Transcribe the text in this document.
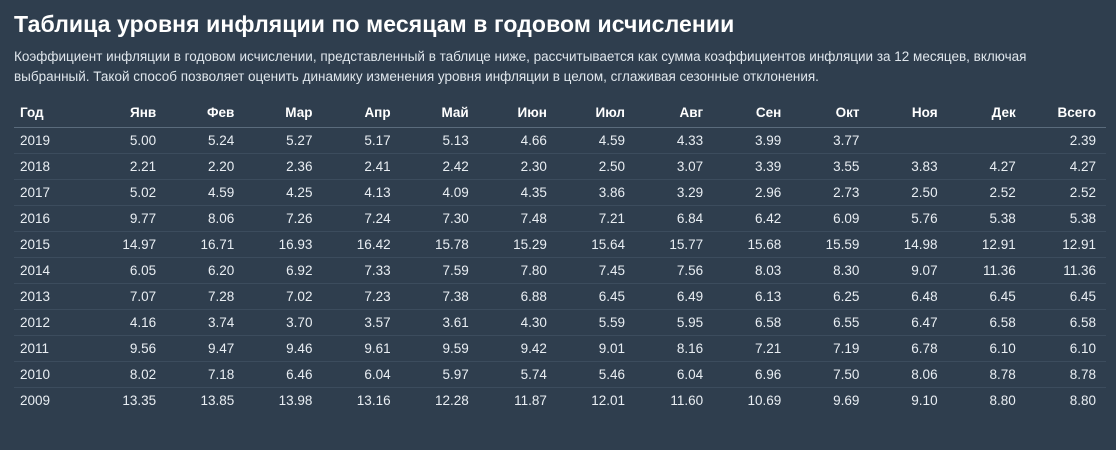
Таблица уровня инфляции по месяцам в годовом исчислении

Коэффициент инфляции в годовом исчислении, представленный в таблице ниже, рассчитывается как сумма коэффициентов инфляции за 12 месяцев, включая выбранный. Такой способ позволяет оценить динамику изменения уровня инфляции в целом, сглаживая сезонные отклонения.

Год	Янв	Фев	Мар	Апр	Май	Июн	Июл	Авг	Сен	Окт	Ноя	Дек	Всего
2019	5.00	5.24	5.27	5.17	5.13	4.66	4.59	4.33	3.99	3.77			2.39
2018	2.21	2.20	2.36	2.41	2.42	2.30	2.50	3.07	3.39	3.55	3.83	4.27	4.27
2017	5.02	4.59	4.25	4.13	4.09	4.35	3.86	3.29	2.96	2.73	2.50	2.52	2.52
2016	9.77	8.06	7.26	7.24	7.30	7.48	7.21	6.84	6.42	6.09	5.76	5.38	5.38
2015	14.97	16.71	16.93	16.42	15.78	15.29	15.64	15.77	15.68	15.59	14.98	12.91	12.91
2014	6.05	6.20	6.92	7.33	7.59	7.80	7.45	7.56	8.03	8.30	9.07	11.36	11.36
2013	7.07	7.28	7.02	7.23	7.38	6.88	6.45	6.49	6.13	6.25	6.48	6.45	6.45
2012	4.16	3.74	3.70	3.57	3.61	4.30	5.59	5.95	6.58	6.55	6.47	6.58	6.58
2011	9.56	9.47	9.46	9.61	9.59	9.42	9.01	8.16	7.21	7.19	6.78	6.10	6.10
2010	8.02	7.18	6.46	6.04	5.97	5.74	5.46	6.04	6.96	7.50	8.06	8.78	8.78
2009	13.35	13.85	13.98	13.16	12.28	11.87	12.01	11.60	10.69	9.69	9.10	8.80	8.80
